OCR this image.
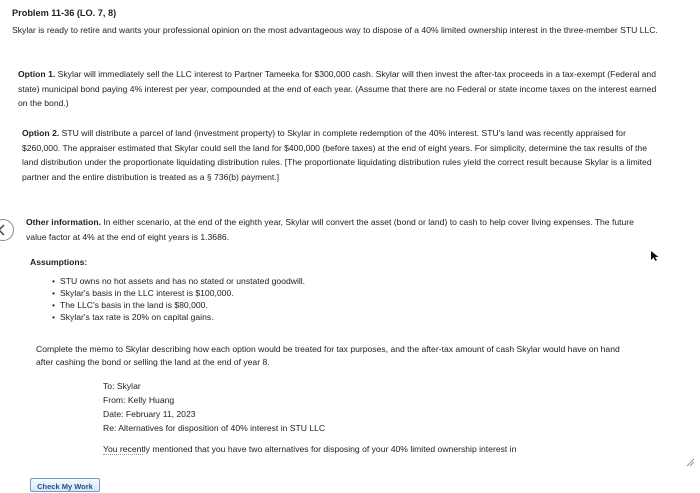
Problem 11-36 (LO. 7, 8)
Skylar is ready to retire and wants your professional opinion on the most advantageous way to dispose of a 40% limited ownership interest in the three-member STU LLC.
Option 1. Skylar will immediately sell the LLC interest to Partner Tameeka for $300,000 cash. Skylar will then invest the after-tax proceeds in a tax-exempt (Federal and state) municipal bond paying 4% interest per year, compounded at the end of each year. (Assume that there are no Federal or state income taxes on the interest earned on the bond.)
Option 2. STU will distribute a parcel of land (investment property) to Skylar in complete redemption of the 40% interest. STU's land was recently appraised for $260,000. The appraiser estimated that Skylar could sell the land for $400,000 (before taxes) at the end of eight years. For simplicity, determine the tax results of the land distribution under the proportionate liquidating distribution rules. [The proportionate liquidating distribution rules yield the correct result because Skylar is a limited partner and the entire distribution is treated as a § 736(b) payment.]
Other information. In either scenario, at the end of the eighth year, Skylar will convert the asset (bond or land) to cash to help cover living expenses. The future value factor at 4% at the end of eight years is 1.3686.
Assumptions:
• STU owns no hot assets and has no stated or unstated goodwill.
• Skylar's basis in the LLC interest is $100,000.
• The LLC's basis in the land is $80,000.
• Skylar's tax rate is 20% on capital gains.
Complete the memo to Skylar describing how each option would be treated for tax purposes, and the after-tax amount of cash Skylar would have on hand after cashing the bond or selling the land at the end of year 8.
To: Skylar
From: Kelly Huang
Date: February 11, 2023
Re: Alternatives for disposition of 40% interest in STU LLC
You recently mentioned that you have two alternatives for disposing of your 40% limited ownership interest in
Check My Work
